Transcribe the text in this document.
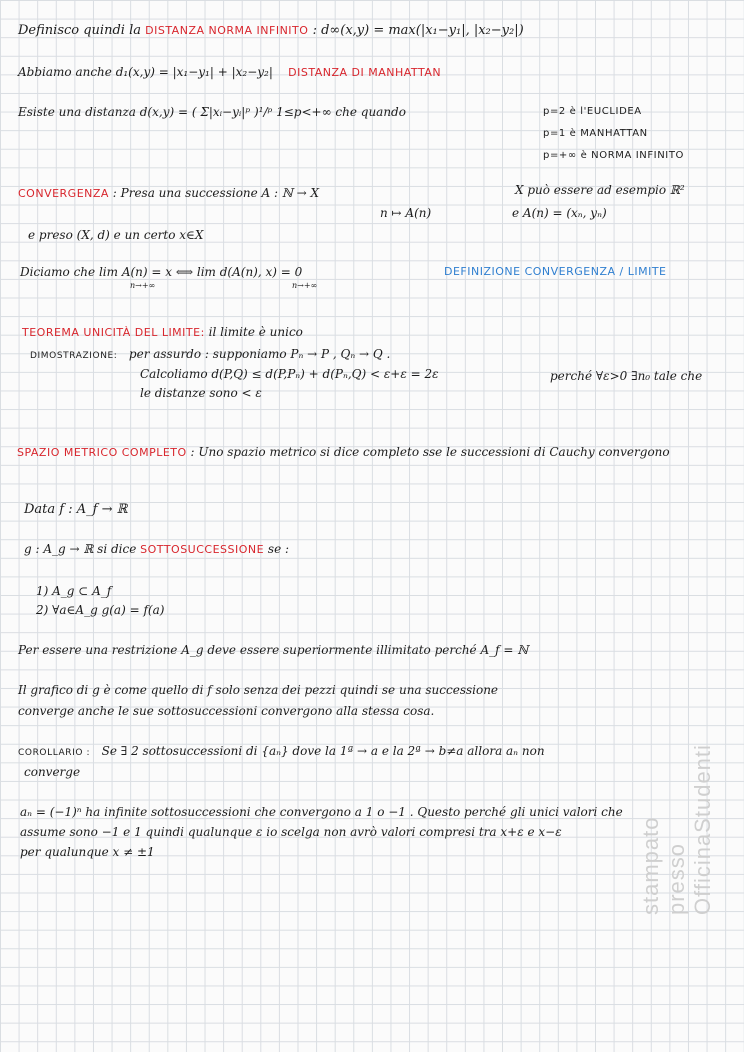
Definisco quindi la DISTANZA NORMA INFINITO : d∞(x,y) = max(|x₁−y₁|, |x₂−y₂|)
Abbiamo anche d₁(x,y) = |x₁−y₁| + |x₂−y₂| DISTANZA DI MANHATTAN
Esiste una distanza d(x,y) = ( Σ|xᵢ−yᵢ|ᵖ )¹/ᵖ 1≤p<+∞ che quando	p=2 è l'EUCLIDEA
p=1 è MANHATTAN
p=+∞ è NORMA INFINITO
CONVERGENZA : Presa una successione A : ℕ → X	X può essere ad esempio ℝ²
n ↦ A(n)	e A(n) = (xₙ, yₙ)
e preso (X, d) e un certo x∈X
Diciamo che lim A(n) = x ⟺ lim d(A(n), x) = 0	DEFINIZIONE CONVERGENZA / LIMITE
n→+∞	n→+∞
TEOREMA UNICITÀ DEL LIMITE: il limite è unico
DIMOSTRAZIONE: per assurdo : supponiamo Pₙ → P , Qₙ → Q .
Calcoliamo d(P,Q) ≤ d(P,Pₙ) + d(Pₙ,Q) < ε+ε = 2ε	perché ∀ε>0 ∃n₀ tale che
le distanze sono < ε
SPAZIO METRICO COMPLETO : Uno spazio metrico si dice completo sse le successioni di Cauchy convergono
Data f : A_f → ℝ
g : A_g → ℝ si dice SOTTOSUCCESSIONE se :
1) A_g ⊂ A_f
2) ∀a∈A_g g(a) = f(a)
Per essere una restrizione A_g deve essere superiormente illimitato perché A_f = ℕ
Il grafico di g è come quello di f solo senza dei pezzi quindi se una successione
converge anche le sue sottosuccessioni convergono alla stessa cosa.
COROLLARIO : Se ∃ 2 sottosuccessioni di {aₙ} dove la 1ª → a e la 2ª → b≠a allora aₙ non
converge
aₙ = (−1)ⁿ ha infinite sottosuccessioni che convergono a 1 o −1 . Questo perché gli unici valori che
assume sono −1 e 1 quindi qualunque ε io scelga non avrò valori compresi tra x+ε e x−ε
per qualunque x ≠ ±1	stampato presso OfficinaStudenti
